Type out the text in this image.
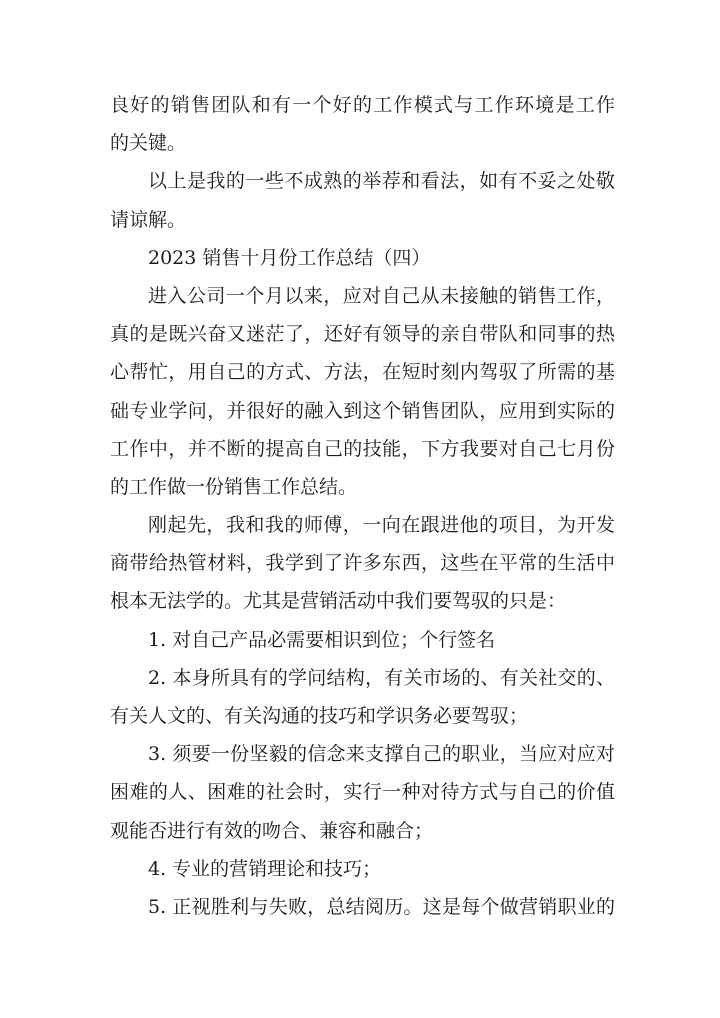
良好的销售团队和有一个好的工作模式与工作环境是工作
的关键。
以上是我的一些不成熟的举荐和看法，如有不妥之处敬
请谅解。
2023 销售十月份工作总结（四）
进入公司一个月以来，应对自己从未接触的销售工作，
真的是既兴奋又迷茫了，还好有领导的亲自带队和同事的热
心帮忙，用自己的方式、方法，在短时刻内驾驭了所需的基
础专业学问，并很好的融入到这个销售团队，应用到实际的
工作中，并不断的提高自己的技能，下方我要对自己七月份
的工作做一份销售工作总结。
刚起先，我和我的师傅，一向在跟进他的项目，为开发
商带给热管材料，我学到了许多东西，这些在平常的生活中
根本无法学的。尤其是营销活动中我们要驾驭的只是：
1. 对自己产品必需要相识到位；个行签名
2. 本身所具有的学问结构，有关市场的、有关社交的、
有关人文的、有关沟通的技巧和学识务必要驾驭；
3. 须要一份坚毅的信念来支撑自己的职业，当应对应对
困难的人、困难的社会时，实行一种对待方式与自己的价值
观能否进行有效的吻合、兼容和融合；
4. 专业的营销理论和技巧；
5. 正视胜利与失败，总结阅历。这是每个做营销职业的
